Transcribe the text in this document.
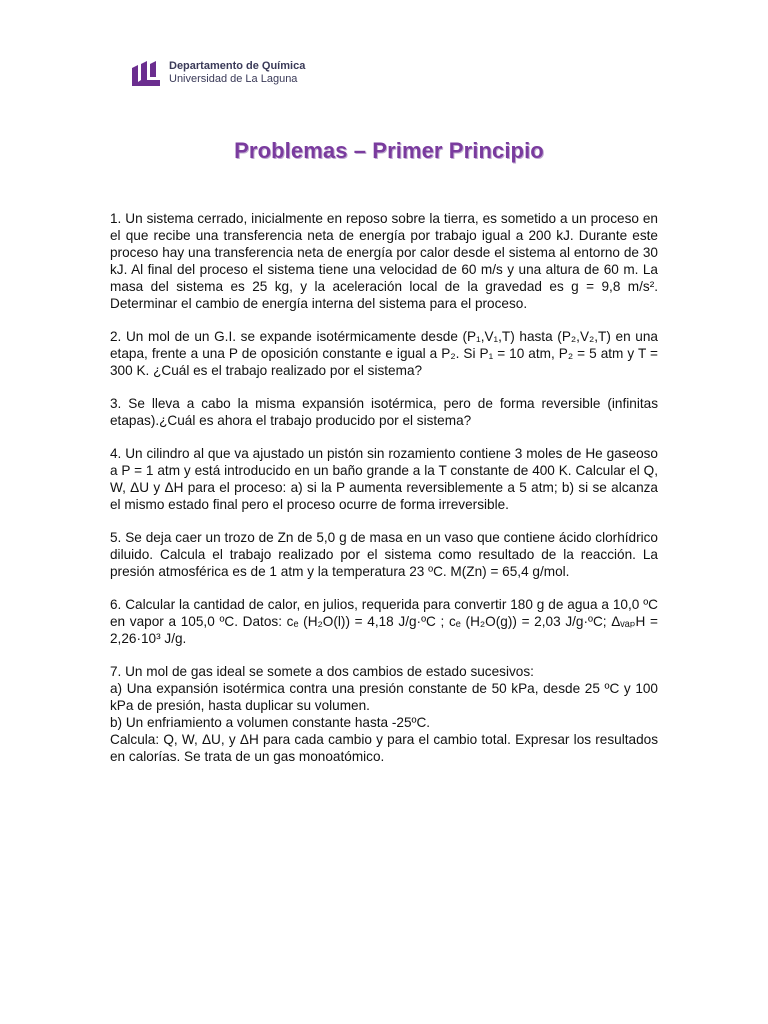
Departamento de Química
Universidad de La Laguna
Problemas – Primer Principio

1. Un sistema cerrado, inicialmente en reposo sobre la tierra, es sometido a un proceso en el que recibe una transferencia neta de energía por trabajo igual a 200 kJ. Durante este proceso hay una transferencia neta de energía por calor desde el sistema al entorno de 30 kJ. Al final del proceso el sistema tiene una velocidad de 60 m/s y una altura de 60 m. La masa del sistema es 25 kg, y la aceleración local de la gravedad es g = 9,8 m/s². Determinar el cambio de energía interna del sistema para el proceso.

2. Un mol de un G.I. se expande isotérmicamente desde (P₁,V₁,T) hasta (P₂,V₂,T) en una etapa, frente a una P de oposición constante e igual a P₂. Si P₁ = 10 atm, P₂ = 5 atm y T = 300 K. ¿Cuál es el trabajo realizado por el sistema?

3. Se lleva a cabo la misma expansión isotérmica, pero de forma reversible (infinitas etapas).¿Cuál es ahora el trabajo producido por el sistema?

4. Un cilindro al que va ajustado un pistón sin rozamiento contiene 3 moles de He gaseoso a P = 1 atm y está introducido en un baño grande a la T constante de 400 K. Calcular el Q, W, ΔU y ΔH para el proceso: a) si la P aumenta reversiblemente a 5 atm; b) si se alcanza el mismo estado final pero el proceso ocurre de forma irreversible.

5. Se deja caer un trozo de Zn de 5,0 g de masa en un vaso que contiene ácido clorhídrico diluido. Calcula el trabajo realizado por el sistema como resultado de la reacción. La presión atmosférica es de 1 atm y la temperatura 23 ºC. M(Zn) = 65,4 g/mol.

6. Calcular la cantidad de calor, en julios, requerida para convertir 180 g de agua a 10,0 ºC en vapor a 105,0 ºC. Datos: cₑ (H₂O(l)) = 4,18 J/g·ºC ; cₑ (H₂O(g)) = 2,03 J/g·ºC; ΔᵥₐₚH = 2,26·10³ J/g.

7. Un mol de gas ideal se somete a dos cambios de estado sucesivos:
a) Una expansión isotérmica contra una presión constante de 50 kPa, desde 25 ºC y 100 kPa de presión, hasta duplicar su volumen.
b) Un enfriamiento a volumen constante hasta -25ºC.
Calcula: Q, W, ΔU, y ΔH para cada cambio y para el cambio total. Expresar los resultados en calorías. Se trata de un gas monoatómico.
